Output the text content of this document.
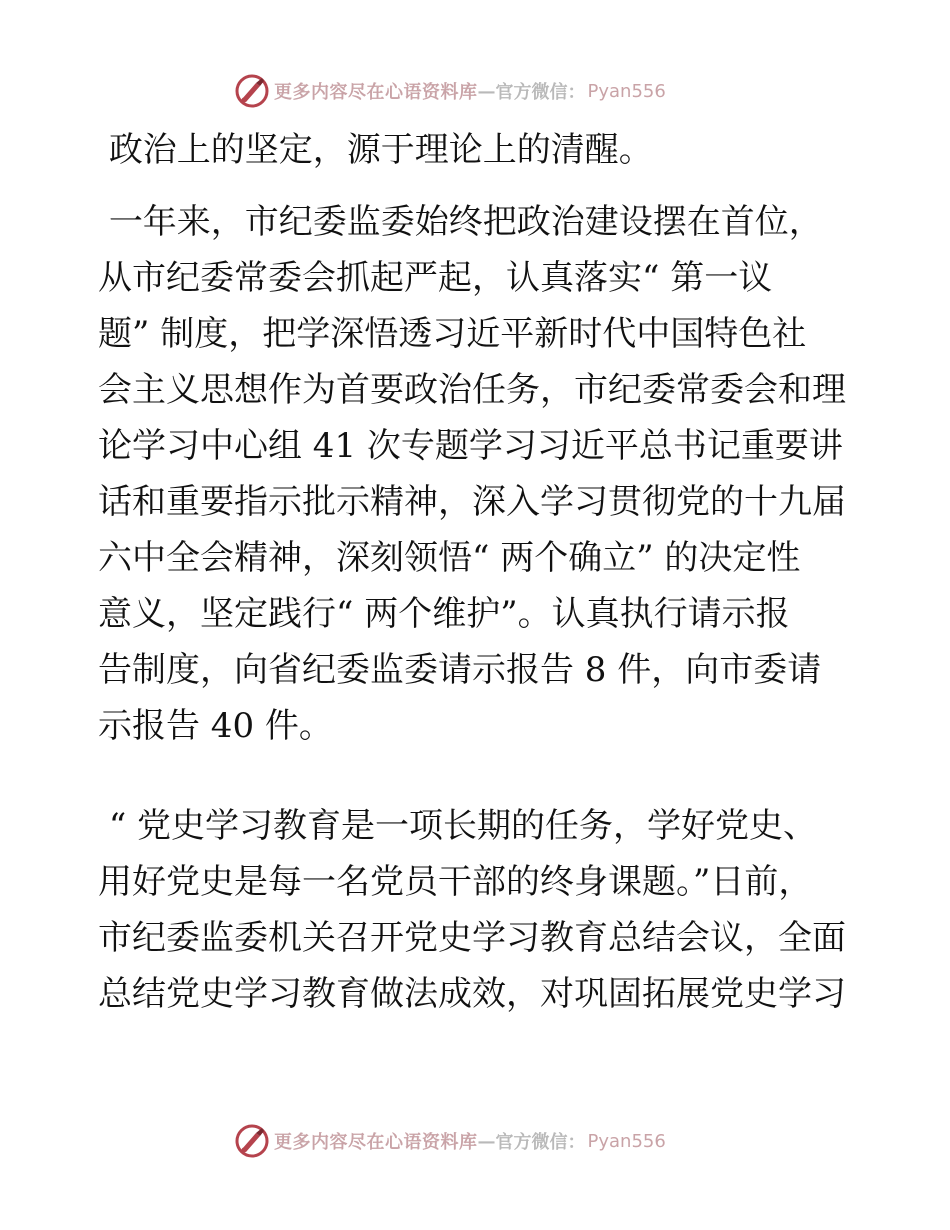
更多内容尽在心语资料库 — 官方微信： Pyan556

政治上的坚定，源于理论上的清醒。

一年来，市纪委监委始终把政治建设摆在首位，
从市纪委常委会抓起严起，认真落实“ 第一议
题” 制度，把学深悟透习近平新时代中国特色社
会主义思想作为首要政治任务，市纪委常委会和理
论学习中心组 41 次专题学习习近平总书记重要讲
话和重要指示批示精神，深入学习贯彻党的十九届
六中全会精神，深刻领悟“ 两个确立” 的决定性
意义，坚定践行“ 两个维护”。认真执行请示报
告制度，向省纪委监委请示报告 8 件，向市委请
示报告 40 件。

“ 党史学习教育是一项长期的任务，学好党史、
用好党史是每一名党员干部的终身课题。”日前，
市纪委监委机关召开党史学习教育总结会议，全面
总结党史学习教育做法成效，对巩固拓展党史学习

更多内容尽在心语资料库 — 官方微信： Pyan556
